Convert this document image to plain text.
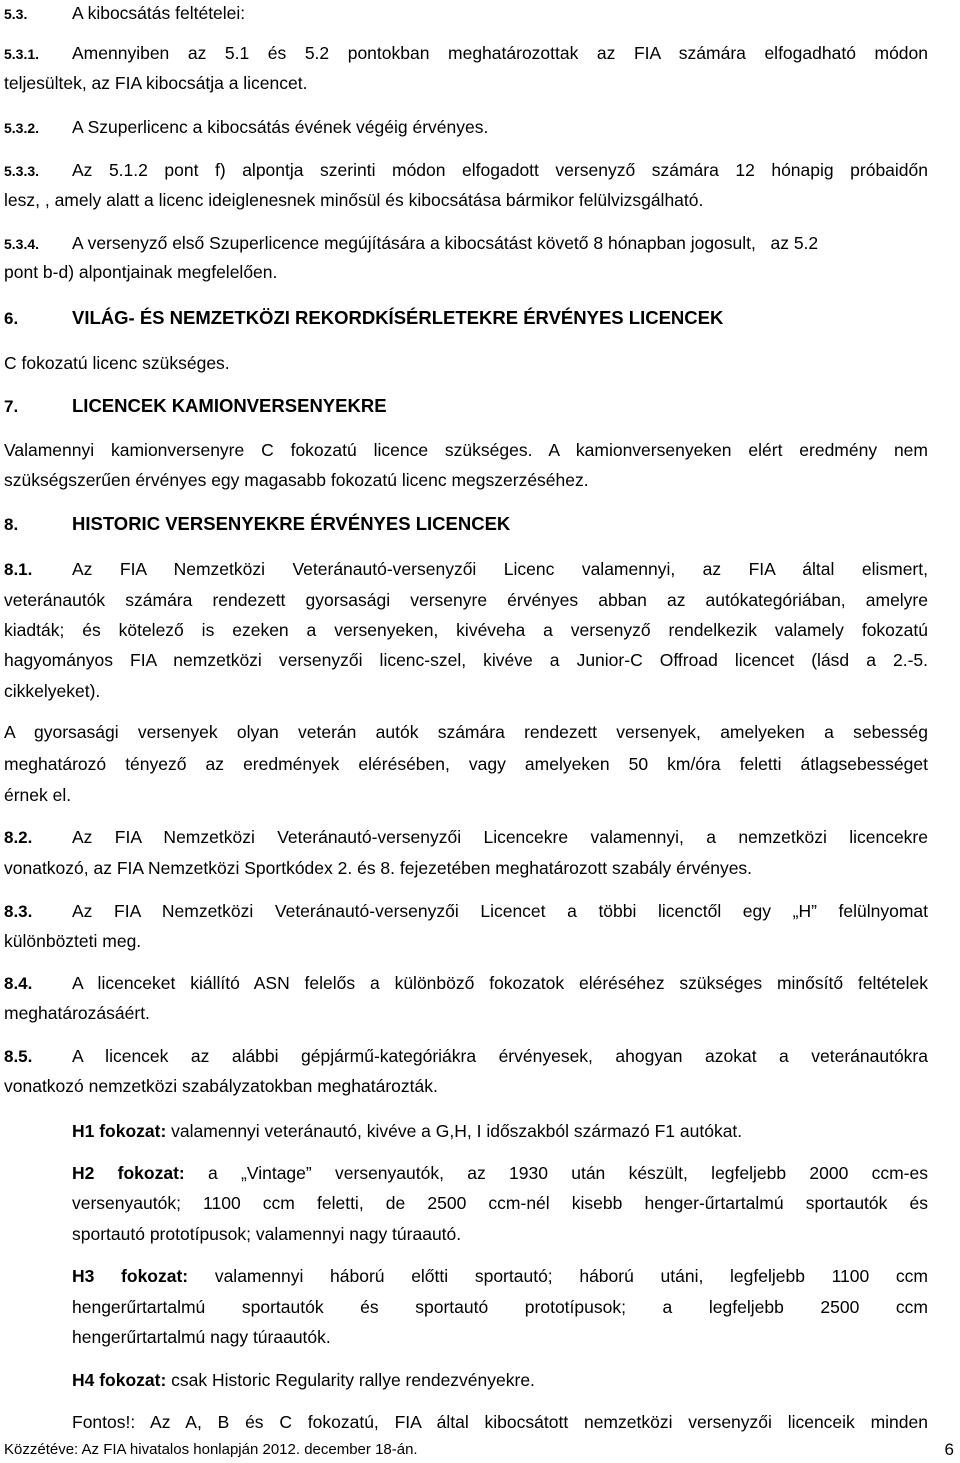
5.3.	A kibocsátás feltételei:
5.3.1. Amennyiben az 5.1 és 5.2 pontokban meghatározottak az FIA számára elfogadható módon
teljesültek, az FIA kibocsátja a licencet.
5.3.2. A Szuperlicenc a kibocsátás évének végéig érvényes.
5.3.3. Az 5.1.2 pont f) alpontja szerinti módon elfogadott versenyző számára 12 hónapig próbaidőn
lesz, , amely alatt a licenc ideiglenesnek minősül és kibocsátása bármikor felülvizsgálható.
5.3.4. A versenyző első Szuperlicence megújítására a kibocsátást követő 8 hónapban jogosult,   az 5.2
pont b-d) alpontjainak megfelelően.
6.	VILÁG- ÉS NEMZETKÖZI REKORDKÍSÉRLETEKRE ÉRVÉNYES LICENCEK
C fokozatú licenc szükséges.
7.	LICENCEK KAMIONVERSENYEKRE
Valamennyi kamionversenyre C fokozatú licence szükséges. A kamionversenyeken elért eredmény nem
szükségszerűen érvényes egy magasabb fokozatú licenc megszerzéséhez.
8.	HISTORIC VERSENYEKRE ÉRVÉNYES LICENCEK
8.1. Az FIA Nemzetközi Veteránautó-versenyzői Licenc valamennyi, az FIA által elismert,
veteránautók számára rendezett gyorsasági versenyre érvényes abban az autókategóriában, amelyre
kiadták; és kötelező is ezeken a versenyeken, kivéveha a versenyző rendelkezik valamely fokozatú
hagyományos FIA nemzetközi versenyzői licenc-szel, kivéve a Junior-C Offroad licencet (lásd a 2.-5.
cikkelyeket).
A gyorsasági versenyek olyan veterán autók számára rendezett versenyek, amelyeken a sebesség
meghatározó tényező az eredmények elérésében, vagy amelyeken 50 km/óra feletti átlagsebességet
érnek el.
8.2. Az FIA Nemzetközi Veteránautó-versenyzői Licencekre valamennyi, a nemzetközi licencekre
vonatkozó, az FIA Nemzetközi Sportkódex 2. és 8. fejezetében meghatározott szabály érvényes.
8.3. Az FIA Nemzetközi Veteránautó-versenyzői Licencet a többi licenctől egy „H” felülnyomat
különbözteti meg.
8.4. A licenceket kiállító ASN felelős a különböző fokozatok eléréséhez szükséges minősítő feltételek
meghatározásáért.
8.5. A licencek az alábbi gépjármű-kategóriákra érvényesek, ahogyan azokat a veteránautókra
vonatkozó nemzetközi szabályzatokban meghatározták.
H1 fokozat: valamennyi veteránautó, kivéve a G,H, I időszakból származó F1 autókat.
H2 fokozat: a „Vintage” versenyautók, az 1930 után készült, legfeljebb 2000 ccm-es
versenyautók; 1100 ccm feletti, de 2500 ccm-nél kisebb henger-űrtartalmú sportautók és
sportautó prototípusok; valamennyi nagy túraautó.
H3 fokozat: valamennyi háború előtti sportautó; háború utáni, legfeljebb 1100 ccm
hengerűrtartalmú sportautók és sportautó prototípusok; a legfeljebb 2500 ccm
hengerűrtartalmú nagy túraautók.
H4 fokozat: csak Historic Regularity rallye rendezvényekre.
Fontos!: Az A, B és C fokozatú, FIA által kibocsátott nemzetközi versenyzői licenceik minden
Közzétéve: Az FIA hivatalos honlapján 2012. december 18-án.	6
